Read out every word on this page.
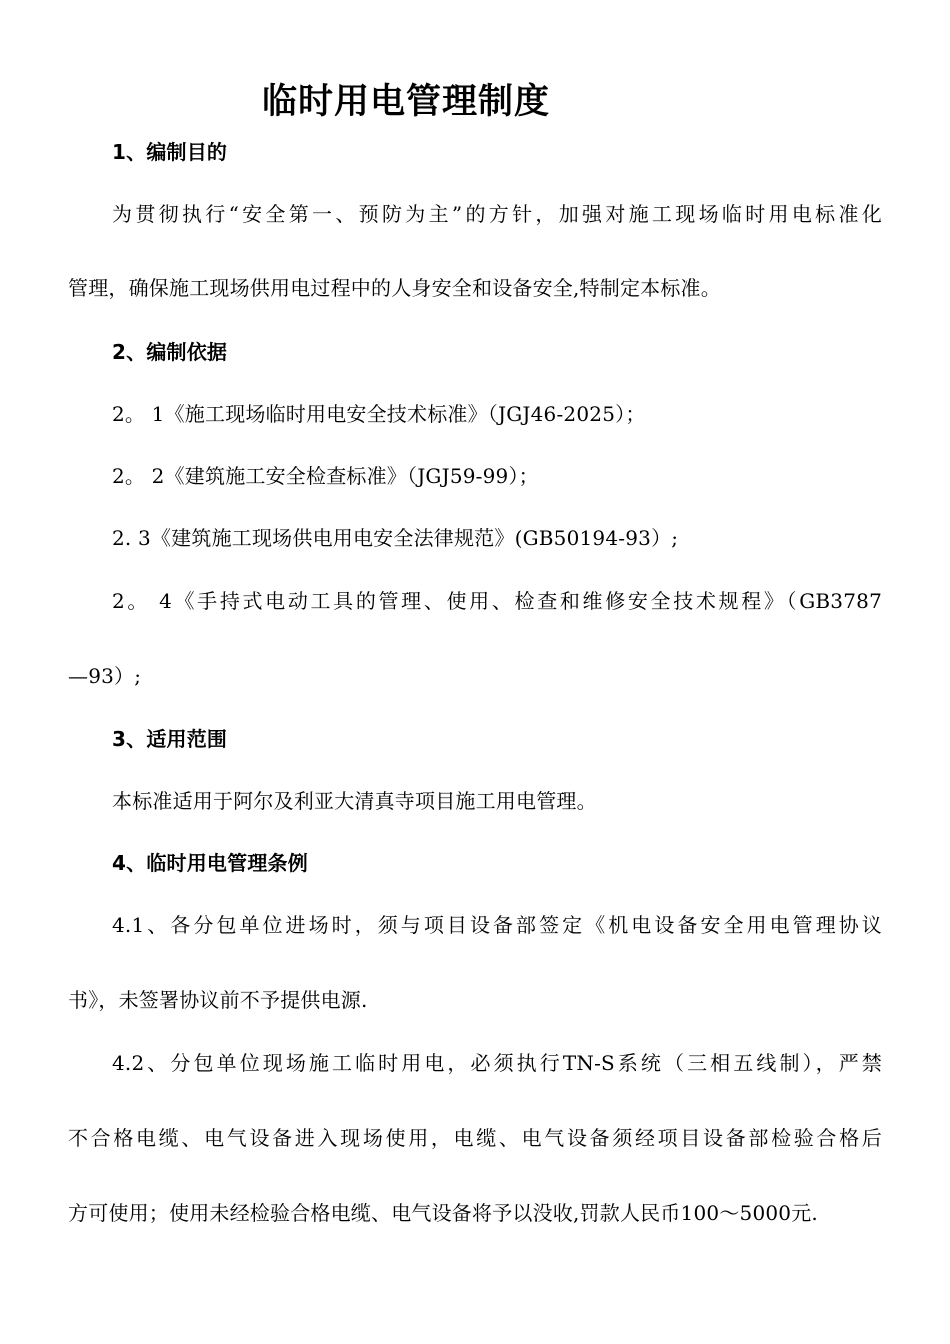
临时用电管理制度
1、编制目的
为贯彻执行“安全第一、预防为主”的方针，加强对施工现场临时用电标准化
管理，确保施工现场供用电过程中的人身安全和设备安全,特制定本标准。
2、编制依据
2。 1《施工现场临时用电安全技术标准》（JGJ46-2025）；
2。 2《建筑施工安全检查标准》（JGJ59-99）；
2. 3《建筑施工现场供电用电安全法律规范》(GB50194-93）;
2。 4《手持式电动工具的管理、使用、检查和维修安全技术规程》（GB3787
—93）;
3、适用范围
本标准适用于阿尔及利亚大清真寺项目施工用电管理。
4、临时用电管理条例
4.1、各分包单位进场时，须与项目设备部签定《机电设备安全用电管理协议
书》，未签署协议前不予提供电源.
4.2、分包单位现场施工临时用电，必须执行TN-S系统（三相五线制），严禁
不合格电缆、电气设备进入现场使用，电缆、电气设备须经项目设备部检验合格后
方可使用；使用未经检验合格电缆、电气设备将予以没收,罚款人民币100～5000元.
